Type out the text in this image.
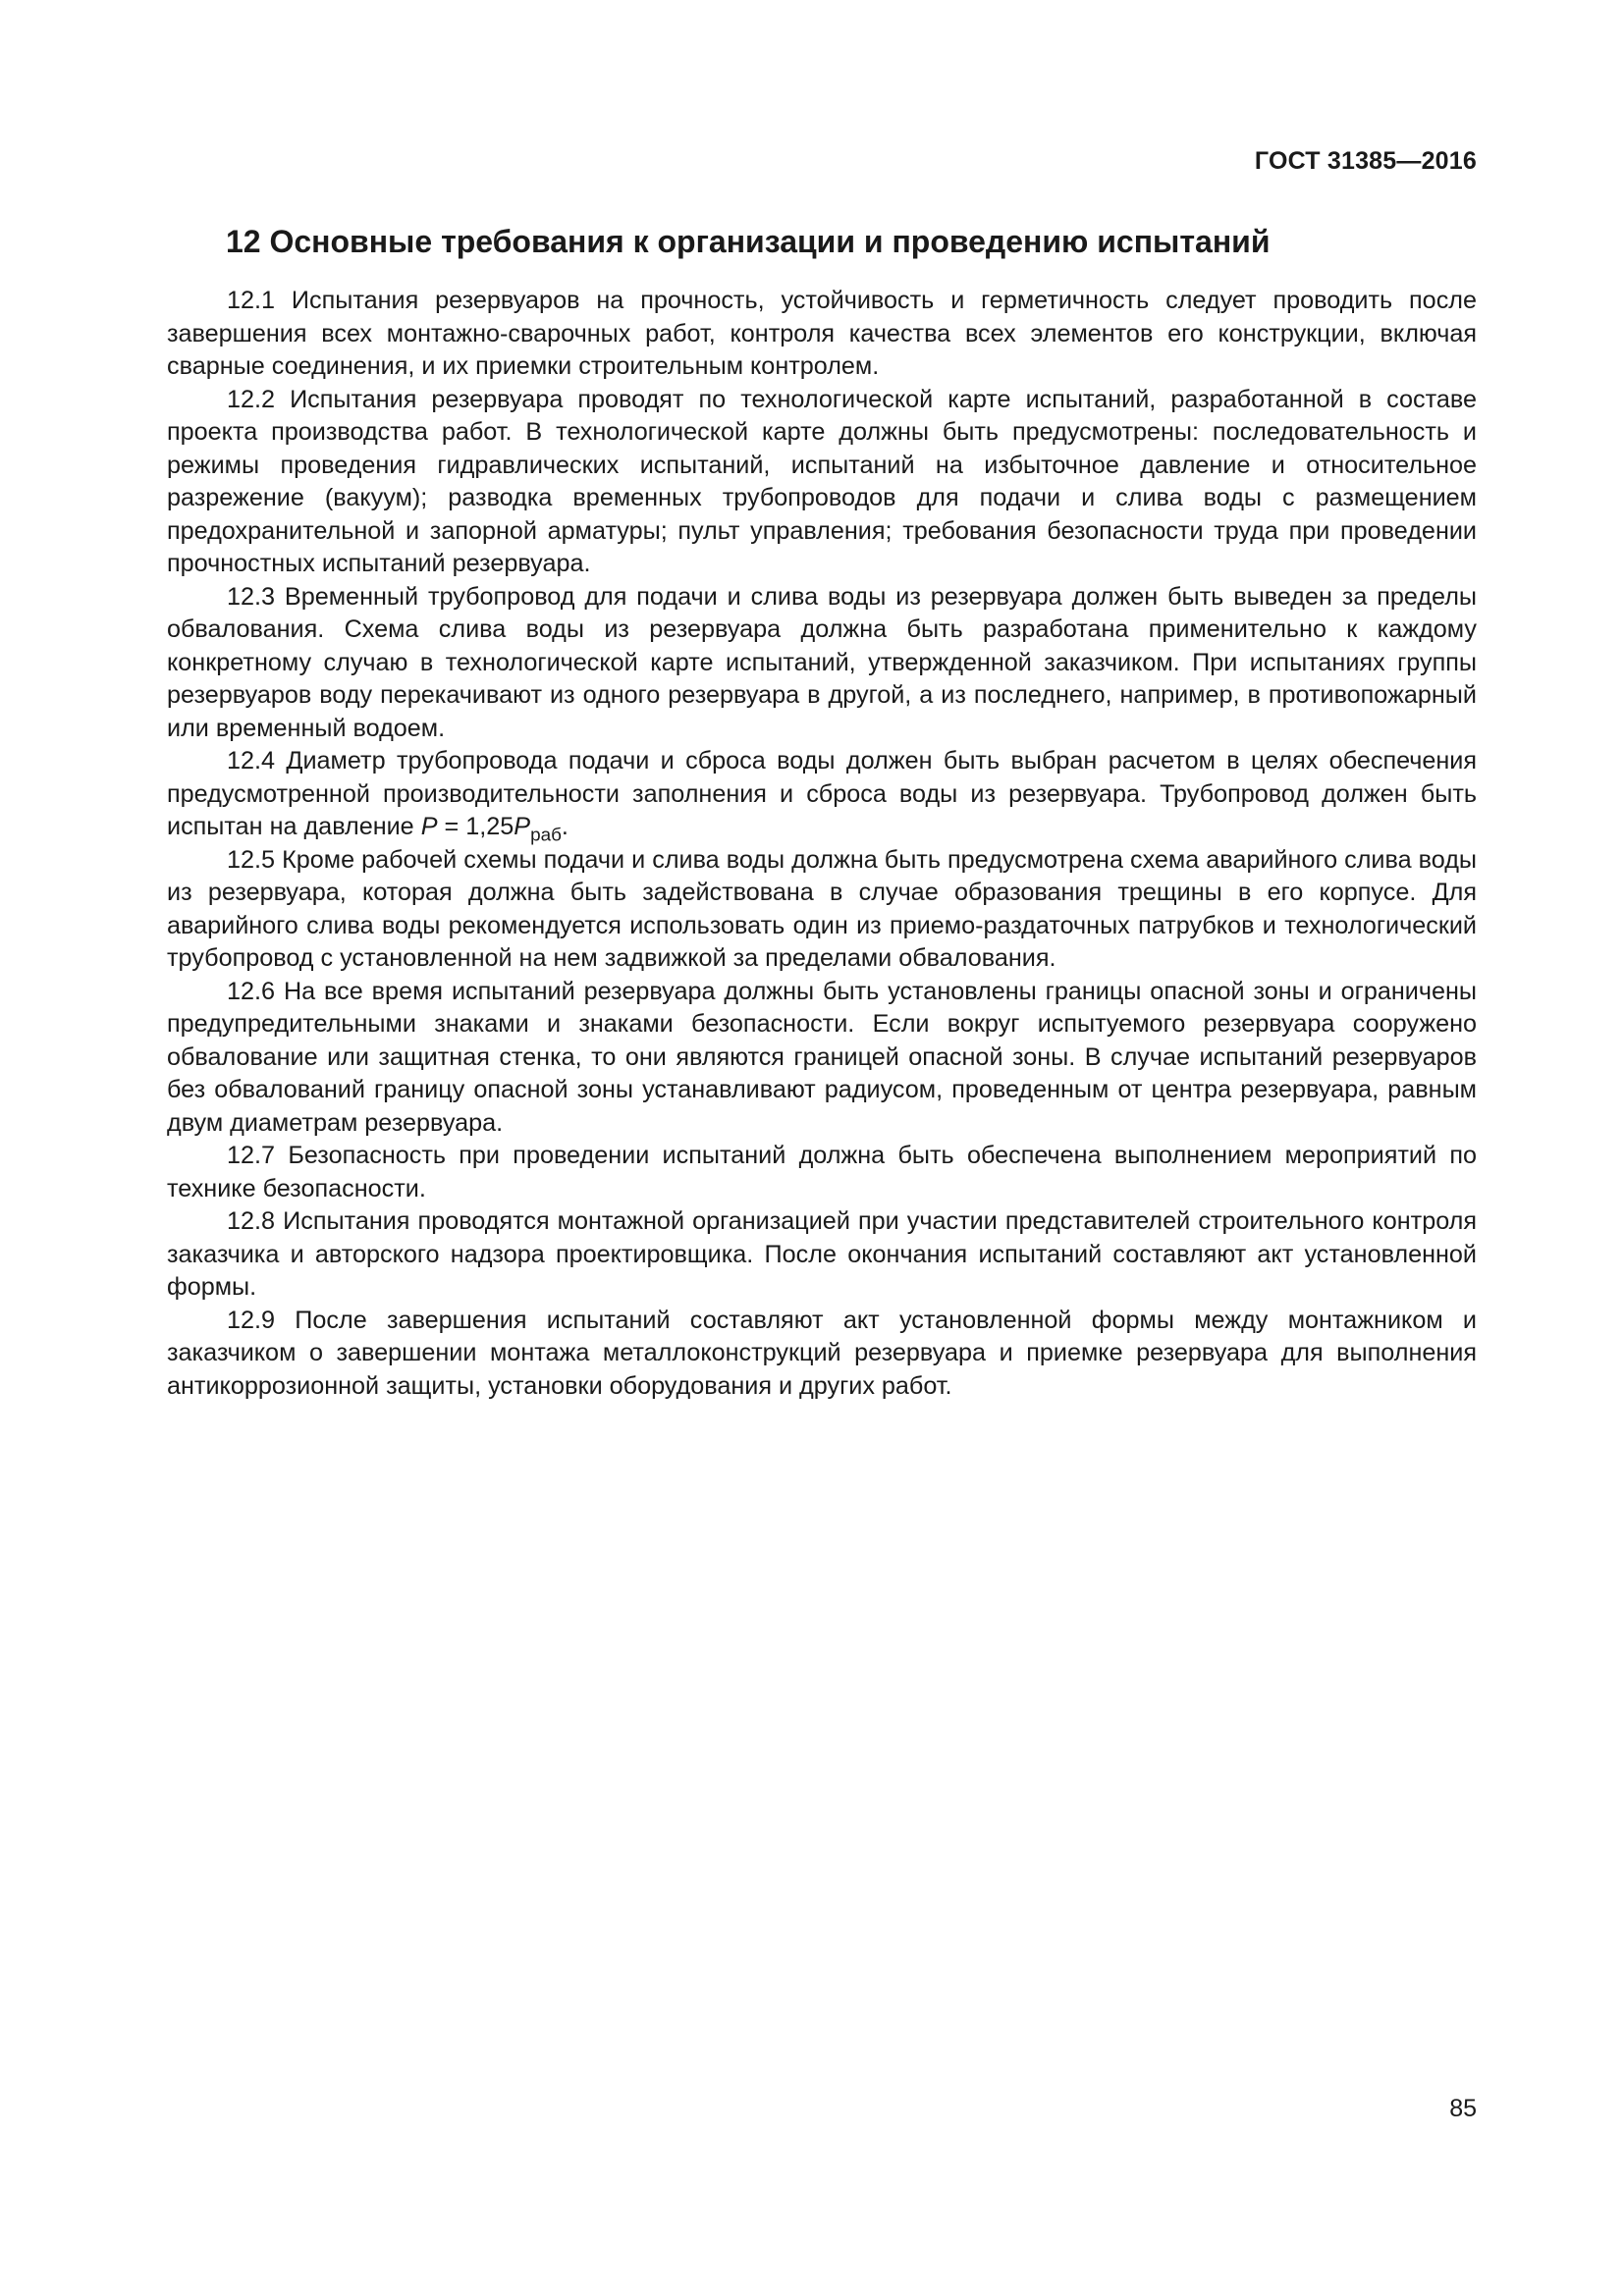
ГОСТ 31385—2016
12 Основные требования к организации и проведению испытаний

12.1 Испытания резервуаров на прочность, устойчивость и герметичность следует проводить после завершения всех монтажно-сварочных работ, контроля качества всех элементов его конструкции, включая сварные соединения, и их приемки строительным контролем.

12.2 Испытания резервуара проводят по технологической карте испытаний, разработанной в составе проекта производства работ. В технологической карте должны быть предусмотрены: последовательность и режимы проведения гидравлических испытаний, испытаний на избыточное давление и относительное разрежение (вакуум); разводка временных трубопроводов для подачи и слива воды с размещением предохранительной и запорной арматуры; пульт управления; требования безопасности труда при проведении прочностных испытаний резервуара.

12.3 Временный трубопровод для подачи и слива воды из резервуара должен быть выведен за пределы обвалования. Схема слива воды из резервуара должна быть разработана применительно к каждому конкретному случаю в технологической карте испытаний, утвержденной заказчиком. При испытаниях группы резервуаров воду перекачивают из одного резервуара в другой, а из последнего, например, в противопожарный или временный водоем.

12.4 Диаметр трубопровода подачи и сброса воды должен быть выбран расчетом в целях обеспечения предусмотренной производительности заполнения и сброса воды из резервуара. Трубопровод должен быть испытан на давление $P = 1,25P_{раб}$.

12.5 Кроме рабочей схемы подачи и слива воды должна быть предусмотрена схема аварийного слива воды из резервуара, которая должна быть задействована в случае образования трещины в его корпусе. Для аварийного слива воды рекомендуется использовать один из приемо-раздаточных патрубков и технологический трубопровод с установленной на нем задвижкой за пределами обвалования.

12.6 На все время испытаний резервуара должны быть установлены границы опасной зоны и ограничены предупредительными знаками и знаками безопасности. Если вокруг испытуемого резервуара сооружено обвалование или защитная стенка, то они являются границей опасной зоны. В случае испытаний резервуаров без обвалований границу опасной зоны устанавливают радиусом, проведенным от центра резервуара, равным двум диаметрам резервуара.

12.7 Безопасность при проведении испытаний должна быть обеспечена выполнением мероприятий по технике безопасности.

12.8 Испытания проводятся монтажной организацией при участии представителей строительного контроля заказчика и авторского надзора проектировщика. После окончания испытаний составляют акт установленной формы.

12.9 После завершения испытаний составляют акт установленной формы между монтажником и заказчиком о завершении монтажа металлоконструкций резервуара и приемке резервуара для выполнения антикоррозионной защиты, установки оборудования и других работ.

85
